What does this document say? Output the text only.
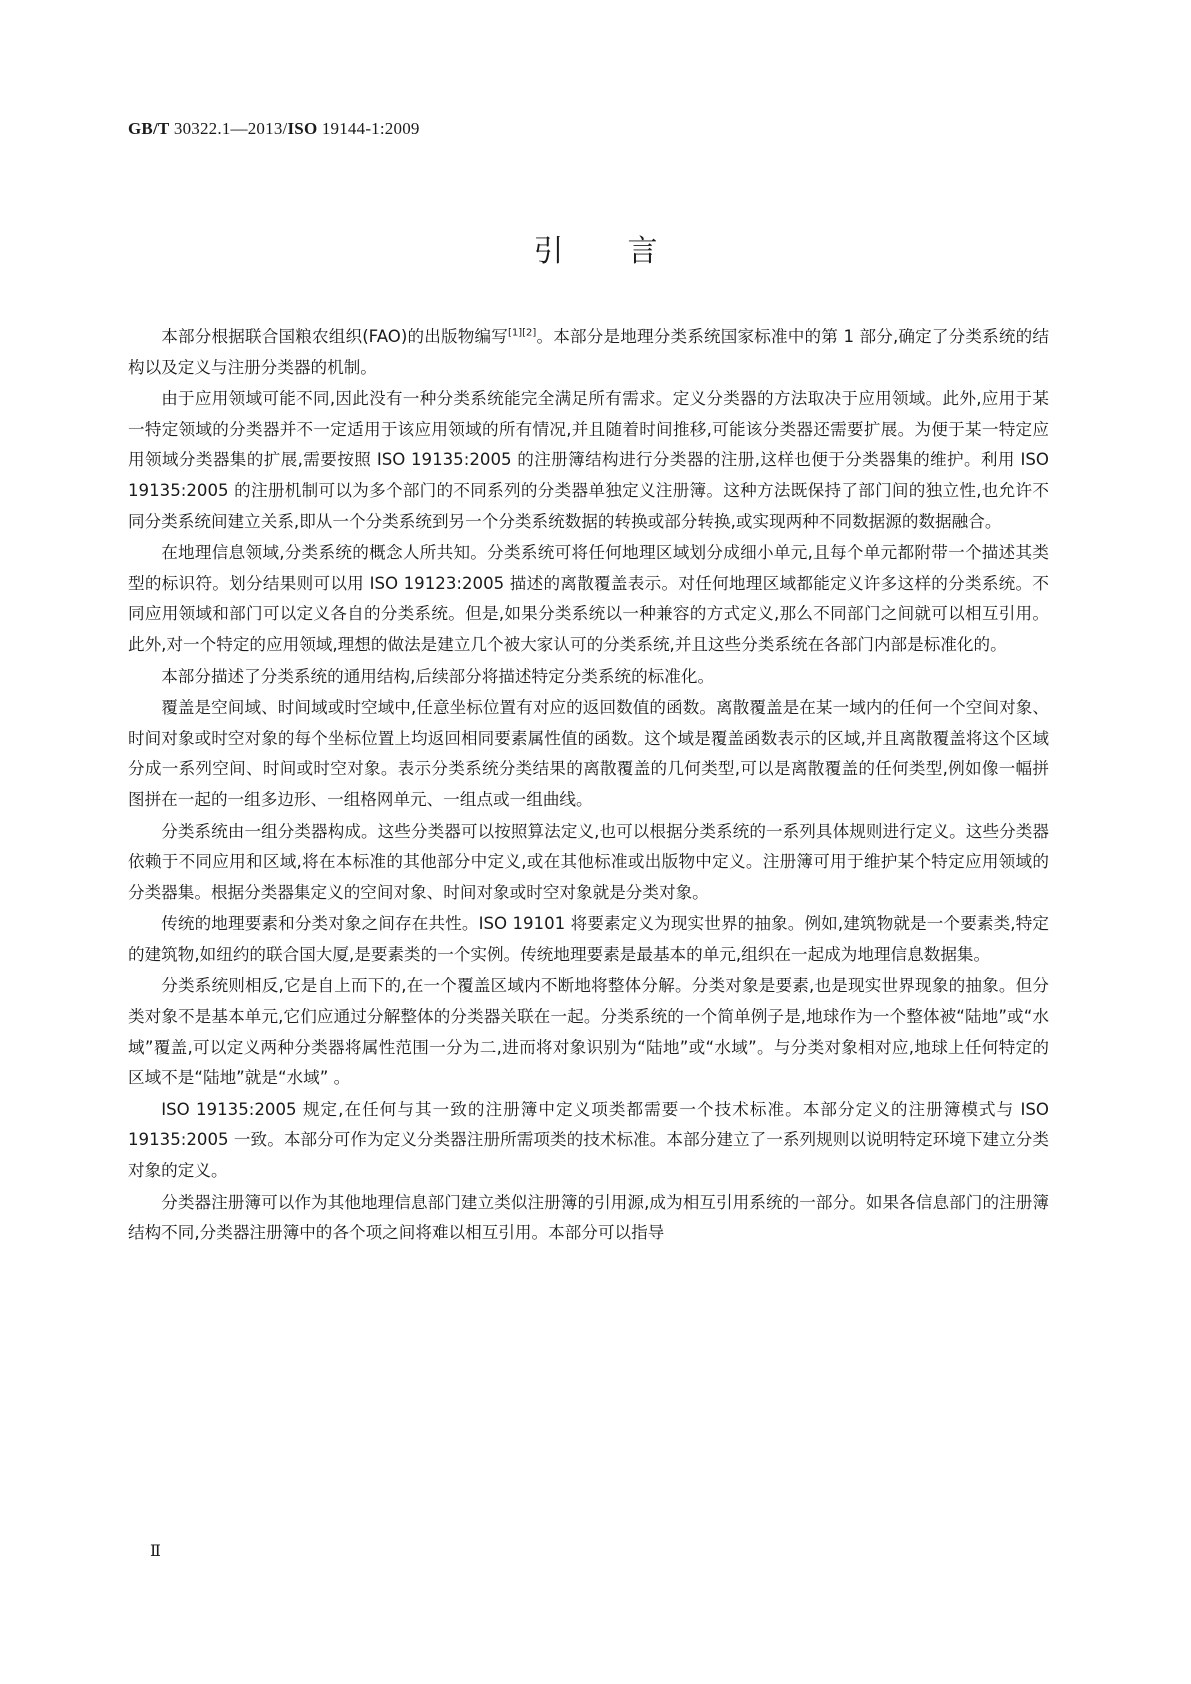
GB/T 30322.1—2013/ISO 19144-1:2009
引言

本部分根据联合国粮农组织(FAO)的出版物编写[1][2]。本部分是地理分类系统国家标准中的第 1 部分,确定了分类系统的结构以及定义与注册分类器的机制。

由于应用领域可能不同,因此没有一种分类系统能完全满足所有需求。定义分类器的方法取决于应用领域。此外,应用于某一特定领域的分类器并不一定适用于该应用领域的所有情况,并且随着时间推移,可能该分类器还需要扩展。为便于某一特定应用领域分类器集的扩展,需要按照 ISO 19135:2005 的注册簿结构进行分类器的注册,这样也便于分类器集的维护。利用 ISO 19135:2005 的注册机制可以为多个部门的不同系列的分类器单独定义注册簿。这种方法既保持了部门间的独立性,也允许不同分类系统间建立关系,即从一个分类系统到另一个分类系统数据的转换或部分转换,或实现两种不同数据源的数据融合。

在地理信息领域,分类系统的概念人所共知。分类系统可将任何地理区域划分成细小单元,且每个单元都附带一个描述其类型的标识符。划分结果则可以用 ISO 19123:2005 描述的离散覆盖表示。对任何地理区域都能定义许多这样的分类系统。不同应用领域和部门可以定义各自的分类系统。但是,如果分类系统以一种兼容的方式定义,那么不同部门之间就可以相互引用。此外,对一个特定的应用领域,理想的做法是建立几个被大家认可的分类系统,并且这些分类系统在各部门内部是标准化的。

本部分描述了分类系统的通用结构,后续部分将描述特定分类系统的标准化。

覆盖是空间域、时间域或时空域中,任意坐标位置有对应的返回数值的函数。离散覆盖是在某一域内的任何一个空间对象、时间对象或时空对象的每个坐标位置上均返回相同要素属性值的函数。这个域是覆盖函数表示的区域,并且离散覆盖将这个区域分成一系列空间、时间或时空对象。表示分类系统分类结果的离散覆盖的几何类型,可以是离散覆盖的任何类型,例如像一幅拼图拼在一起的一组多边形、一组格网单元、一组点或一组曲线。

分类系统由一组分类器构成。这些分类器可以按照算法定义,也可以根据分类系统的一系列具体规则进行定义。这些分类器依赖于不同应用和区域,将在本标准的其他部分中定义,或在其他标准或出版物中定义。注册簿可用于维护某个特定应用领域的分类器集。根据分类器集定义的空间对象、时间对象或时空对象就是分类对象。

传统的地理要素和分类对象之间存在共性。ISO 19101 将要素定义为现实世界的抽象。例如,建筑物就是一个要素类,特定的建筑物,如纽约的联合国大厦,是要素类的一个实例。传统地理要素是最基本的单元,组织在一起成为地理信息数据集。

分类系统则相反,它是自上而下的,在一个覆盖区域内不断地将整体分解。分类对象是要素,也是现实世界现象的抽象。但分类对象不是基本单元,它们应通过分解整体的分类器关联在一起。分类系统的一个简单例子是,地球作为一个整体被“陆地”或“水域”覆盖,可以定义两种分类器将属性范围一分为二,进而将对象识别为“陆地”或“水域”。与分类对象相对应,地球上任何特定的区域不是“陆地”就是“水域” 。

ISO 19135:2005 规定,在任何与其一致的注册簿中定义项类都需要一个技术标准。本部分定义的注册簿模式与 ISO 19135:2005 一致。本部分可作为定义分类器注册所需项类的技术标准。本部分建立了一系列规则以说明特定环境下建立分类对象的定义。

分类器注册簿可以作为其他地理信息部门建立类似注册簿的引用源,成为相互引用系统的一部分。如果各信息部门的注册簿结构不同,分类器注册簿中的各个项之间将难以相互引用。本部分可以指导

Ⅱ
